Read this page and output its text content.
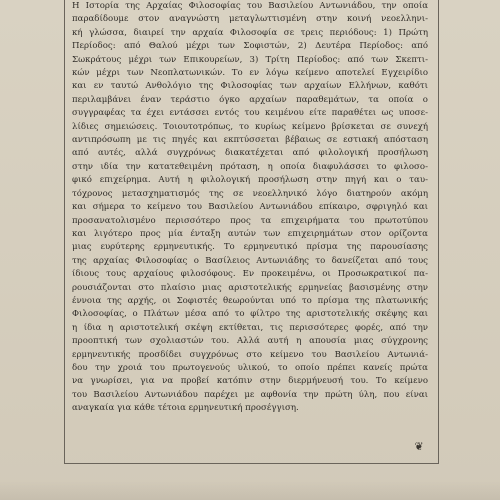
Η Ιστορία της Αρχαίας Φιλοσοφίας του Βασιλείου Αντωνιάδου, την οποία

παραδίδουμε στον αναγνώστη μεταγλωττισμένη στην κοινή νεοελληνι-

κή γλώσσα, διαιρεί την αρχαία Φιλοσοφία σε τρεις περιόδους: 1) Πρώτη

Περίοδος: από Θαλού μέχρι των Σοφιστών, 2) Δευτέρα Περίοδος: από

Σωκράτους μέχρι των Επικουρείων, 3) Τρίτη Περίοδος: από των Σκεπτι-

κών μέχρι των Νεοπλατωνικών. Το εν λόγω κείμενο αποτελεί Εγχειρίδιο

και εν ταυτώ Ανθολόγιο της Φιλοσοφίας των αρχαίων Ελλήνων, καθότι

περιλαμβάνει έναν τεράστιο όγκο αρχαίων παραθεμάτων, τα οποία ο

συγγραφέας τα έχει εντάσσει εντός του κειμένου είτε παραθέτει ως υποσε-

λίδιες σημειώσεις. Τοιουτοτρόπως, το κυρίως κείμενο βρίσκεται σε συνεχή

αντιπρόσωπη με τις πηγές και εκπτύσσεται βέβαιως σε εστιακή απόσταση

από αυτές, αλλά συγχρόνως διακατέχεται από φιλολογική προσήλωση

στην ιδία την κατατεθειμένη πρόταση, η οποία διαφυλάσσει το φιλοσο-

φικό επιχείρημα. Αυτή η φιλολογική προσήλωση στην πηγή και ο ταυ-

τόχρονος μετασχηματισμός της σε νεοελληνικό λόγο διατηρούν ακόμη

και σήμερα το κείμενο του Βασιλείου Αντωνιάδου επίκαιρο, σφριγηλό και

προσανατολισμένο περισσότερο προς τα επιχειρήματα του πρωτοτύπου

και λιγότερο προς μία ένταξη αυτών των επιχειρημάτων στον ορίζοντα

μιας ευρύτερης ερμηνευτικής. Το ερμηνευτικό πρίσμα της παρουσίασης

της αρχαίας Φιλοσοφίας ο Βασίλειος Αντωνιάδης το δανείζεται από τους

ίδιους τους αρχαίους φιλοσόφους. Εν προκειμένω, οι Προσωκρατικοί πα-

ρουσιάζονται στο πλαίσιο μιας αριστοτελικής ερμηνείας βασισμένης στην

έννοια της αρχής, οι Σοφιστές θεωρούνται υπό το πρίσμα της πλατωνικής

Φιλοσοφίας, ο Πλάτων μέσα από το φίλτρο της αριστοτελικής σκέψης και

η ίδια η αριστοτελική σκέψη εκτίθεται, τις περισσότερες φορές, από την

προοπτική των σχολιαστών του. Αλλά αυτή η απουσία μιας σύγχρονης

ερμηνευτικής προσδίδει συγχρόνως στο κείμενο του Βασιλείου Αντωνιά-

δου την χροιά του πρωτογενούς υλικού, το οποίο πρέπει κανείς πρώτα

να γνωρίσει, για να προβεί κατόπιν στην διερμήνευσή του. Το κείμενο

του Βασιλείου Αντωνιάδου παρέχει με αφθονία την πρώτη ύλη, που είναι

αναγκαία για κάθε τέτοια ερμηνευτική προσέγγιση.

❦
